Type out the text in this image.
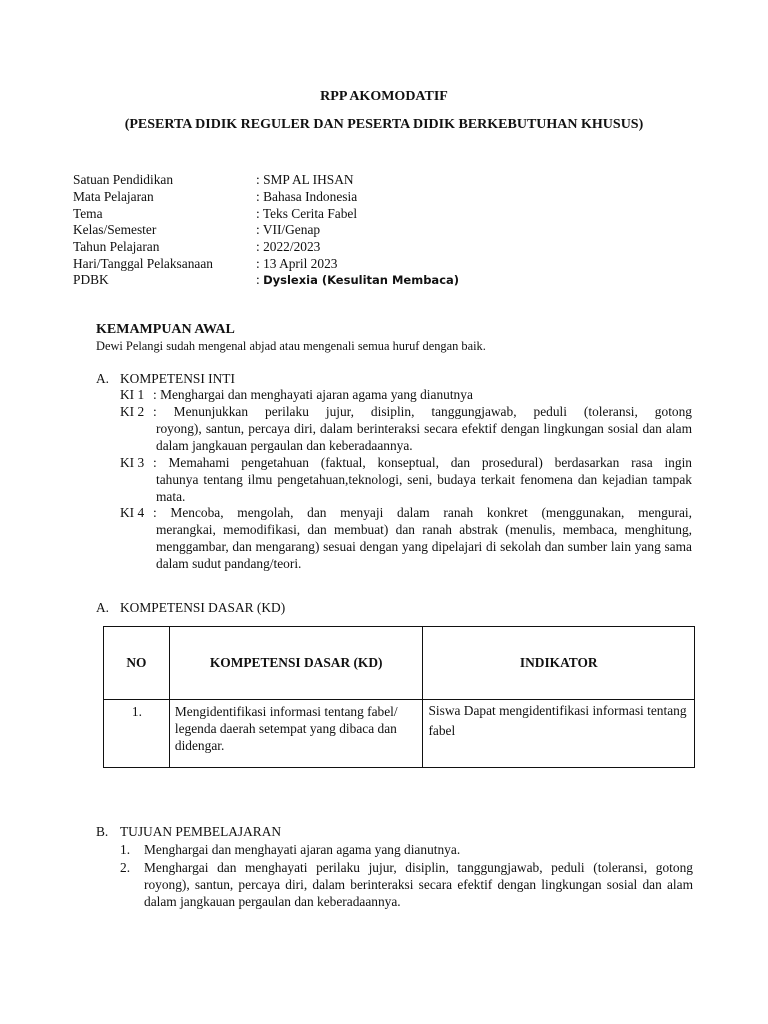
RPP AKOMODATIF
(PESERTA DIDIK REGULER DAN PESERTA DIDIK BERKEBUTUHAN KHUSUS)
Satuan Pendidikan	: SMP AL IHSAN
Mata Pelajaran	: Bahasa Indonesia
Tema	: Teks Cerita Fabel
Kelas/Semester	: VII/Genap
Tahun Pelajaran	: 2022/2023
Hari/Tanggal Pelaksanaan	: 13 April 2023
PDBK	: Dyslexia (Kesulitan Membaca)
KEMAMPUAN AWAL
Dewi Pelangi sudah mengenal abjad atau mengenali semua huruf dengan baik.
A. KOMPETENSI INTI
KI 1 : Menghargai dan menghayati ajaran agama yang dianutnya
KI 2 : Menunjukkan perilaku jujur, disiplin, tanggungjawab, peduli (toleransi, gotong
royong), santun, percaya diri, dalam berinteraksi secara efektif dengan lingkungan sosial dan alam dalam jangkauan pergaulan dan keberadaannya.
KI 3 : Memahami pengetahuan (faktual, konseptual, dan prosedural) berdasarkan rasa ingin
tahunya tentang ilmu pengetahuan,teknologi, seni, budaya terkait fenomena dan kejadian tampak mata.
KI 4 : Mencoba, mengolah, dan menyaji dalam ranah konkret (menggunakan, mengurai,
merangkai, memodifikasi, dan membuat) dan ranah abstrak (menulis, membaca, menghitung, menggambar, dan mengarang) sesuai dengan yang dipelajari di sekolah dan sumber lain yang sama dalam sudut pandang/teori.
A. KOMPETENSI DASAR (KD)
NO	KOMPETENSI DASAR (KD)	INDIKATOR

1.	Mengidentifikasi informasi tentang fabel/ legenda daerah setempat yang dibaca dan didengar.	Siswa Dapat mengidentifikasi informasi tentang fabel
B. TUJUAN PEMBELAJARAN
1. Menghargai dan menghayati ajaran agama yang dianutnya.
2. Menghargai dan menghayati perilaku jujur, disiplin, tanggungjawab, peduli (toleransi, gotong royong), santun, percaya diri, dalam berinteraksi secara efektif dengan lingkungan sosial dan alam dalam jangkauan pergaulan dan keberadaannya.
